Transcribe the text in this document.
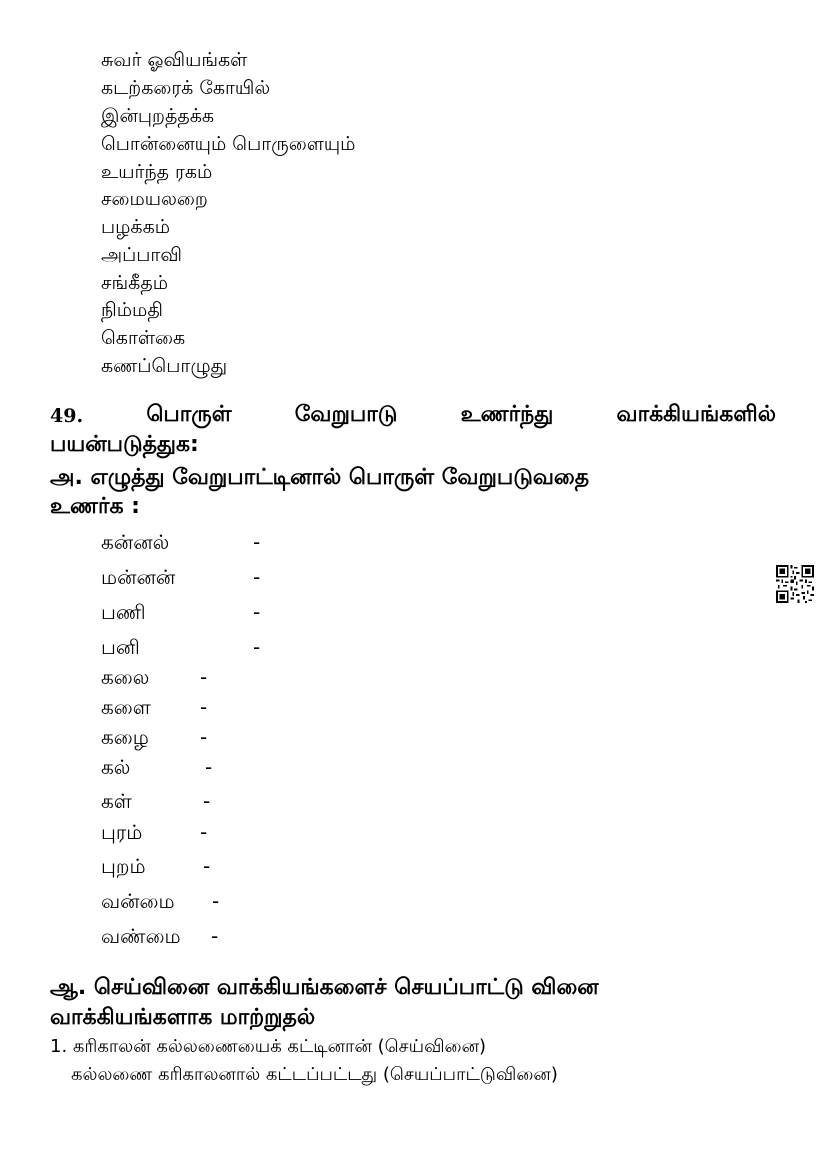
சுவர் ஓவியங்கள்
கடற்கரைக் கோயில்
இன்புறத்தக்க
பொன்னையும் பொருளையும்
உயர்ந்த ரகம்
சமையலறை
பழக்கம்
அப்பாவி
சங்கீதம்
நிம்மதி
கொள்கை
கணப்பொழுது
49.	பொருள்	வேறுபாடு	உணர்ந்து	வாக்கியங்களில்
பயன்படுத்துக:
அ. எழுத்து வேறுபாட்டினால் பொருள் வேறுபடுவதை
உணர்க :
கன்னல்	-
மன்னன்	-
பணி	-
பனி	-
கலை	-
களை -
கழை	-
கல்	-
கள்	-
புரம்	-
புறம்	-
வன்மை -
வண்மை -
ஆ. செய்வினை வாக்கியங்களைச் செயப்பாட்டு வினை
வாக்கியங்களாக மாற்றுதல்
1. கரிகாலன் கல்லணையைக் கட்டினான் (செய்வினை)
கல்லணை கரிகாலனால் கட்டப்பட்டது (செயப்பாட்டுவினை)
